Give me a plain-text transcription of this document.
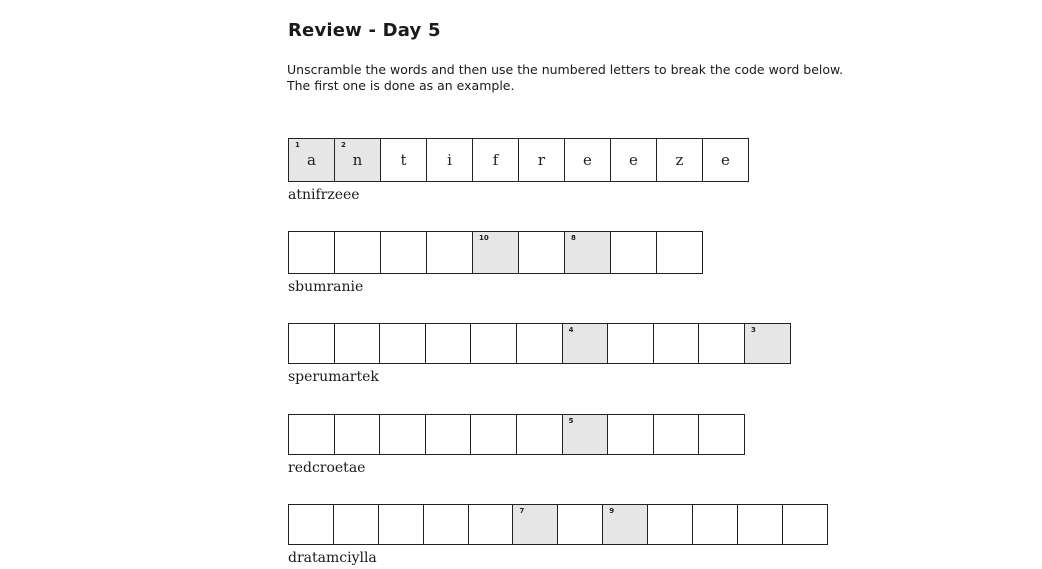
Review - Day 5
Unscramble the words and then use the numbered letters to break the code word below.
The first one is done as an example.
1
a
2
n	t	i	f	r	e e	z	e
atnifrzeee
10	8
sbumranie
4	3
sperumartek
5
redcroetae
7	9
dratamciylla
